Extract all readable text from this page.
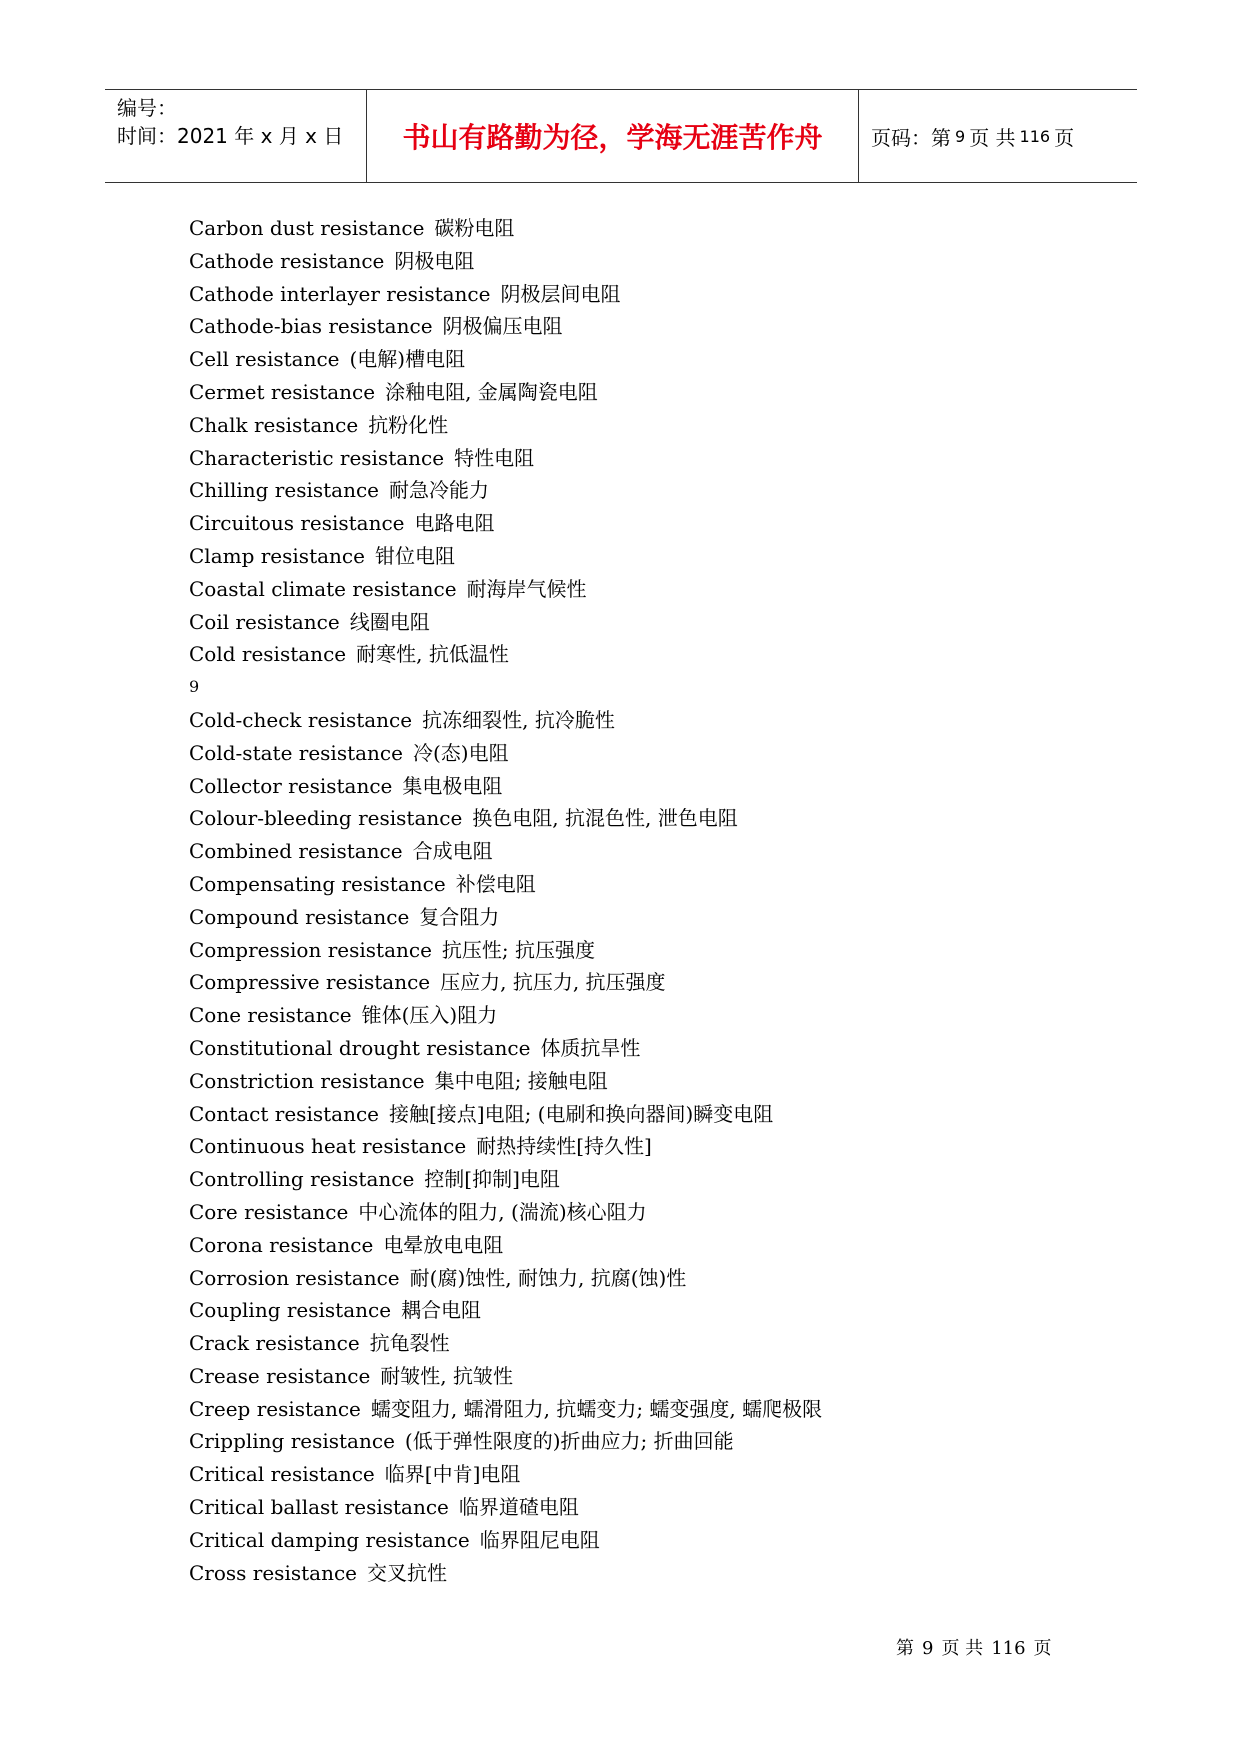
编号：
时间：2021 年 x 月 x 日	书山有路勤为径，学海无涯苦作舟	页码：第 9 页 共 116 页
Carbon dust resistance 碳粉电阻
Cathode resistance 阴极电阻
Cathode interlayer resistance 阴极层间电阻
Cathode-bias resistance 阴极偏压电阻
Cell resistance (电解)槽电阻
Cermet resistance 涂釉电阻, 金属陶瓷电阻
Chalk resistance 抗粉化性
Characteristic resistance 特性电阻
Chilling resistance 耐急冷能力
Circuitous resistance 电路电阻
Clamp resistance 钳位电阻
Coastal climate resistance 耐海岸气候性
Coil resistance 线圈电阻
Cold resistance 耐寒性, 抗低温性
9
Cold-check resistance 抗冻细裂性, 抗冷脆性
Cold-state resistance 冷(态)电阻
Collector resistance 集电极电阻
Colour-bleeding resistance 换色电阻, 抗混色性, 泄色电阻
Combined resistance 合成电阻
Compensating resistance 补偿电阻
Compound resistance 复合阻力
Compression resistance 抗压性; 抗压强度
Compressive resistance 压应力, 抗压力, 抗压强度
Cone resistance 锥体(压入)阻力
Constitutional drought resistance 体质抗旱性
Constriction resistance 集中电阻; 接触电阻
Contact resistance 接触[接点]电阻; (电刷和换向器间)瞬变电阻
Continuous heat resistance 耐热持续性[持久性]
Controlling resistance 控制[抑制]电阻
Core resistance 中心流体的阻力, (湍流)核心阻力
Corona resistance 电晕放电电阻
Corrosion resistance 耐(腐)蚀性, 耐蚀力, 抗腐(蚀)性
Coupling resistance 耦合电阻
Crack resistance 抗龟裂性
Crease resistance 耐皱性, 抗皱性
Creep resistance 蠕变阻力, 蠕滑阻力, 抗蠕变力; 蠕变强度, 蠕爬极限
Crippling resistance (低于弹性限度的)折曲应力; 折曲回能
Critical resistance 临界[中肯]电阻
Critical ballast resistance 临界道碴电阻
Critical damping resistance 临界阻尼电阻
Cross resistance 交叉抗性
第 9 页 共 116 页
